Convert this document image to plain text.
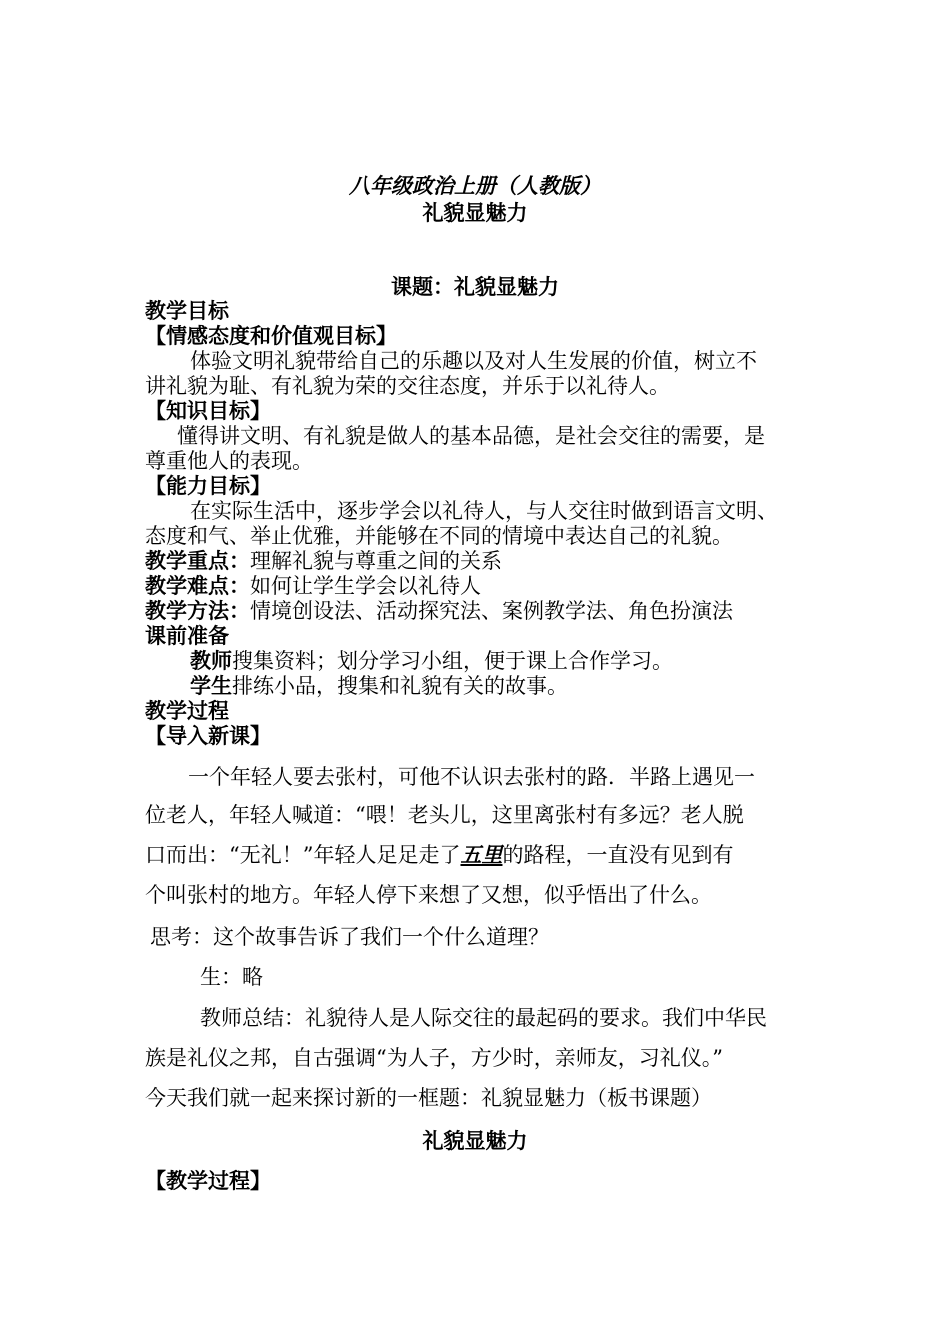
八年级政治上册（人教版）
礼貌显魅力
课题：礼貌显魅力
教学目标
【情感态度和价值观目标】
体验文明礼貌带给自己的乐趣以及对人生发展的价值，树立不
讲礼貌为耻、有礼貌为荣的交往态度，并乐于以礼待人。
【知识目标】
懂得讲文明、有礼貌是做人的基本品德，是社会交往的需要，是
尊重他人的表现。
【能力目标】
在实际生活中，逐步学会以礼待人，与人交往时做到语言文明、
态度和气、举止优雅，并能够在不同的情境中表达自己的礼貌。
教学重点：理解礼貌与尊重之间的关系
教学难点：如何让学生学会以礼待人
教学方法：情境创设法、活动探究法、案例教学法、角色扮演法
课前准备
教师搜集资料；划分学习小组，便于课上合作学习。
学生排练小品，搜集和礼貌有关的故事。
教学过程
【导入新课】
一个年轻人要去张村，可他不认识去张村的路．半路上遇见一
位老人，年轻人喊道：“喂！老头儿，这里离张村有多远？老人脱
口而出：“无礼！”年轻人足足走了五里的路程，一直没有见到有
个叫张村的地方。年轻人停下来想了又想，似乎悟出了什么。
思考：这个故事告诉了我们一个什么道理？
生：略
教师总结：礼貌待人是人际交往的最起码的要求。我们中华民
族是礼仪之邦，自古强调“为人子，方少时，亲师友，习礼仪。”
今天我们就一起来探讨新的一框题：礼貌显魅力（板书课题）
礼貌显魅力
【教学过程】
